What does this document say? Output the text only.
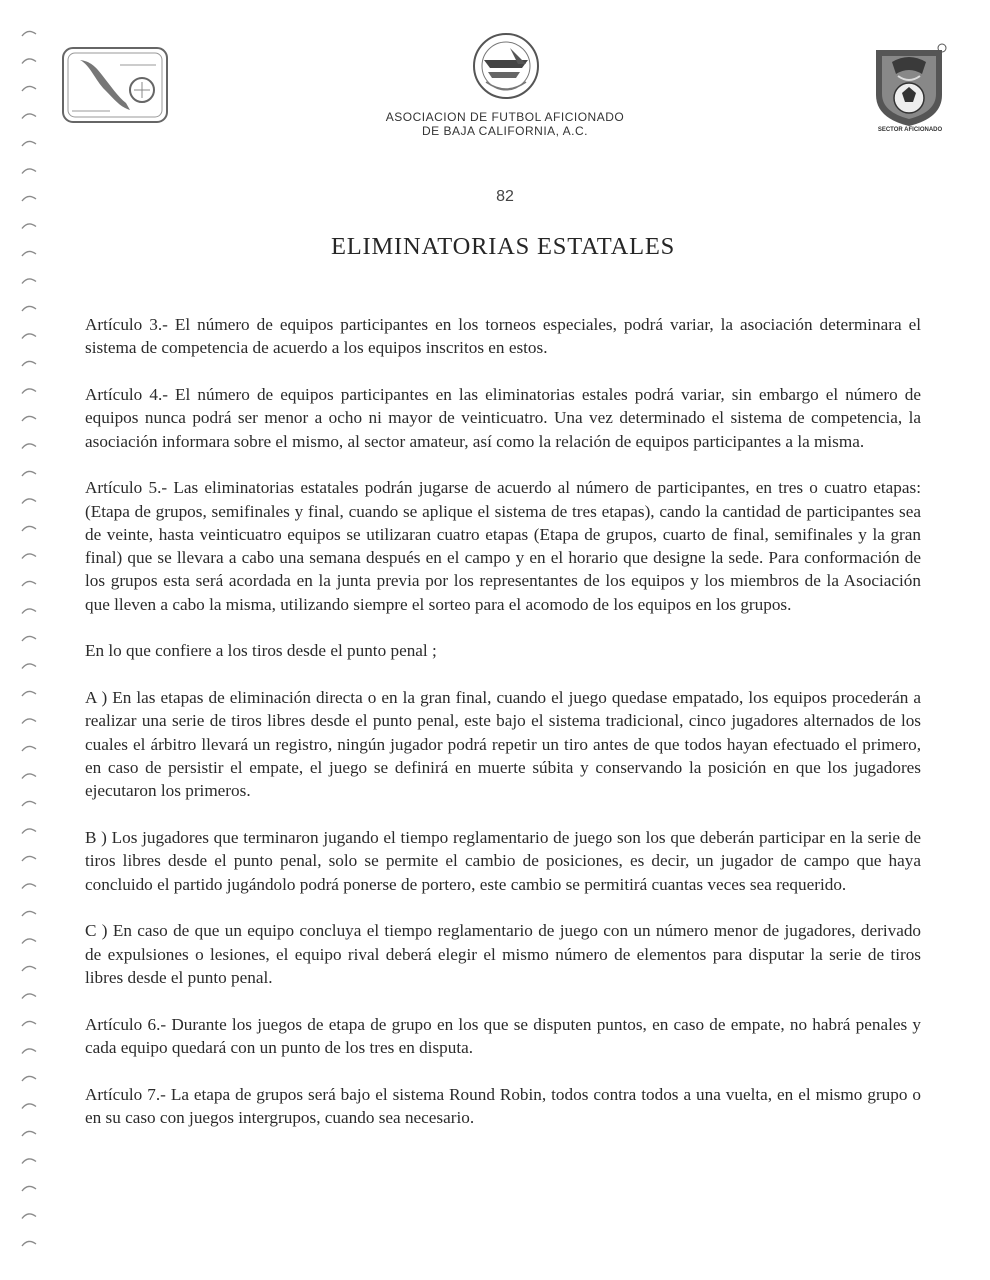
SECTOR AFICIONADO
ASOCIACION DE FUTBOL AFICIONADO
DE BAJA CALIFORNIA, A.C.
82
ELIMINATORIAS ESTATALES

Artículo 3.- El número de equipos participantes en los torneos especiales, podrá variar, la asociación determinara el sistema de competencia de acuerdo a los equipos inscritos en estos.

Artículo 4.- El número de equipos participantes en las eliminatorias estales podrá variar, sin embargo el número de equipos nunca podrá ser menor a ocho ni mayor de veinticuatro. Una vez determinado el sistema de competencia, la asociación informara sobre el mismo, al sector amateur, así como la relación de equipos participantes a la misma.

Artículo 5.- Las eliminatorias estatales podrán jugarse de acuerdo al número de participantes, en tres o cuatro etapas: (Etapa de grupos, semifinales y final, cuando se aplique el sistema de tres etapas), cando la cantidad de participantes sea de veinte, hasta veinticuatro equipos se utilizaran cuatro etapas (Etapa de grupos, cuarto de final, semifinales y la gran final) que se llevara a cabo una semana después en el campo y en el horario que designe la sede. Para conformación de los grupos esta será acordada en la junta previa por los representantes de los equipos y los miembros de la Asociación que lleven a cabo la misma, utilizando siempre el sorteo para el acomodo de los equipos en los grupos.

En lo que confiere a los tiros desde el punto penal ;

A ) En las etapas de eliminación directa o en la gran final, cuando el juego quedase empatado, los equipos procederán a realizar una serie de tiros libres desde el punto penal, este bajo el sistema tradicional, cinco jugadores alternados de los cuales el árbitro llevará un registro, ningún jugador podrá repetir un tiro antes de que todos hayan efectuado el primero, en caso de persistir el empate, el juego se definirá en muerte súbita y conservando la posición en que los jugadores ejecutaron los primeros.

B ) Los jugadores que terminaron jugando el tiempo reglamentario de juego son los que deberán participar en la serie de tiros libres desde el punto penal, solo se permite el cambio de posiciones, es decir, un jugador de campo que haya concluido el partido jugándolo podrá ponerse de portero, este cambio se permitirá cuantas veces sea requerido.

C ) En caso de que un equipo concluya el tiempo reglamentario de juego con un número menor de jugadores, derivado de expulsiones o lesiones, el equipo rival deberá elegir el mismo número de elementos para disputar la serie de tiros libres desde el punto penal.

Artículo 6.- Durante los juegos de etapa de grupo en los que se disputen puntos, en caso de empate, no habrá penales y cada equipo quedará con un punto de los tres en disputa.

Artículo 7.- La etapa de grupos será bajo el sistema Round Robin, todos contra todos a una vuelta, en el mismo grupo o en su caso con juegos intergrupos, cuando sea necesario.
